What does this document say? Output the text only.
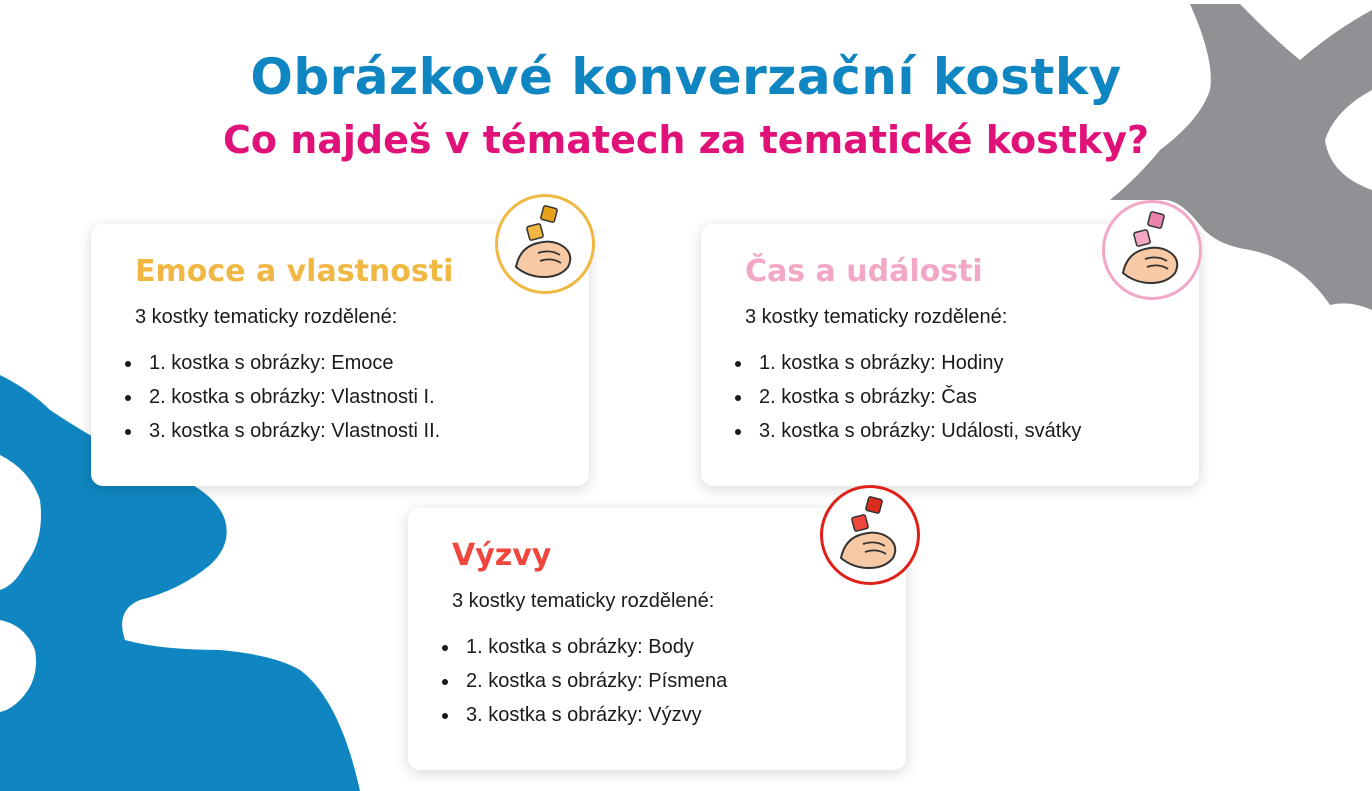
Obrázkové konverzační kostky
Co najdeš v tématech za tematické kostky?

Emoce a vlastnosti

3 kostky tematicky rozdělené:

• 1. kostka s obrázky: Emoce
• 2. kostka s obrázky: Vlastnosti I.
• 3. kostka s obrázky: Vlastnosti II.

Čas a události

3 kostky tematicky rozdělené:

• 1. kostka s obrázky: Hodiny
• 2. kostka s obrázky: Čas
• 3. kostka s obrázky: Události, svátky

Výzvy

3 kostky tematicky rozdělené:

• 1. kostka s obrázky: Body
• 2. kostka s obrázky: Písmena
• 3. kostka s obrázky: Výzvy
